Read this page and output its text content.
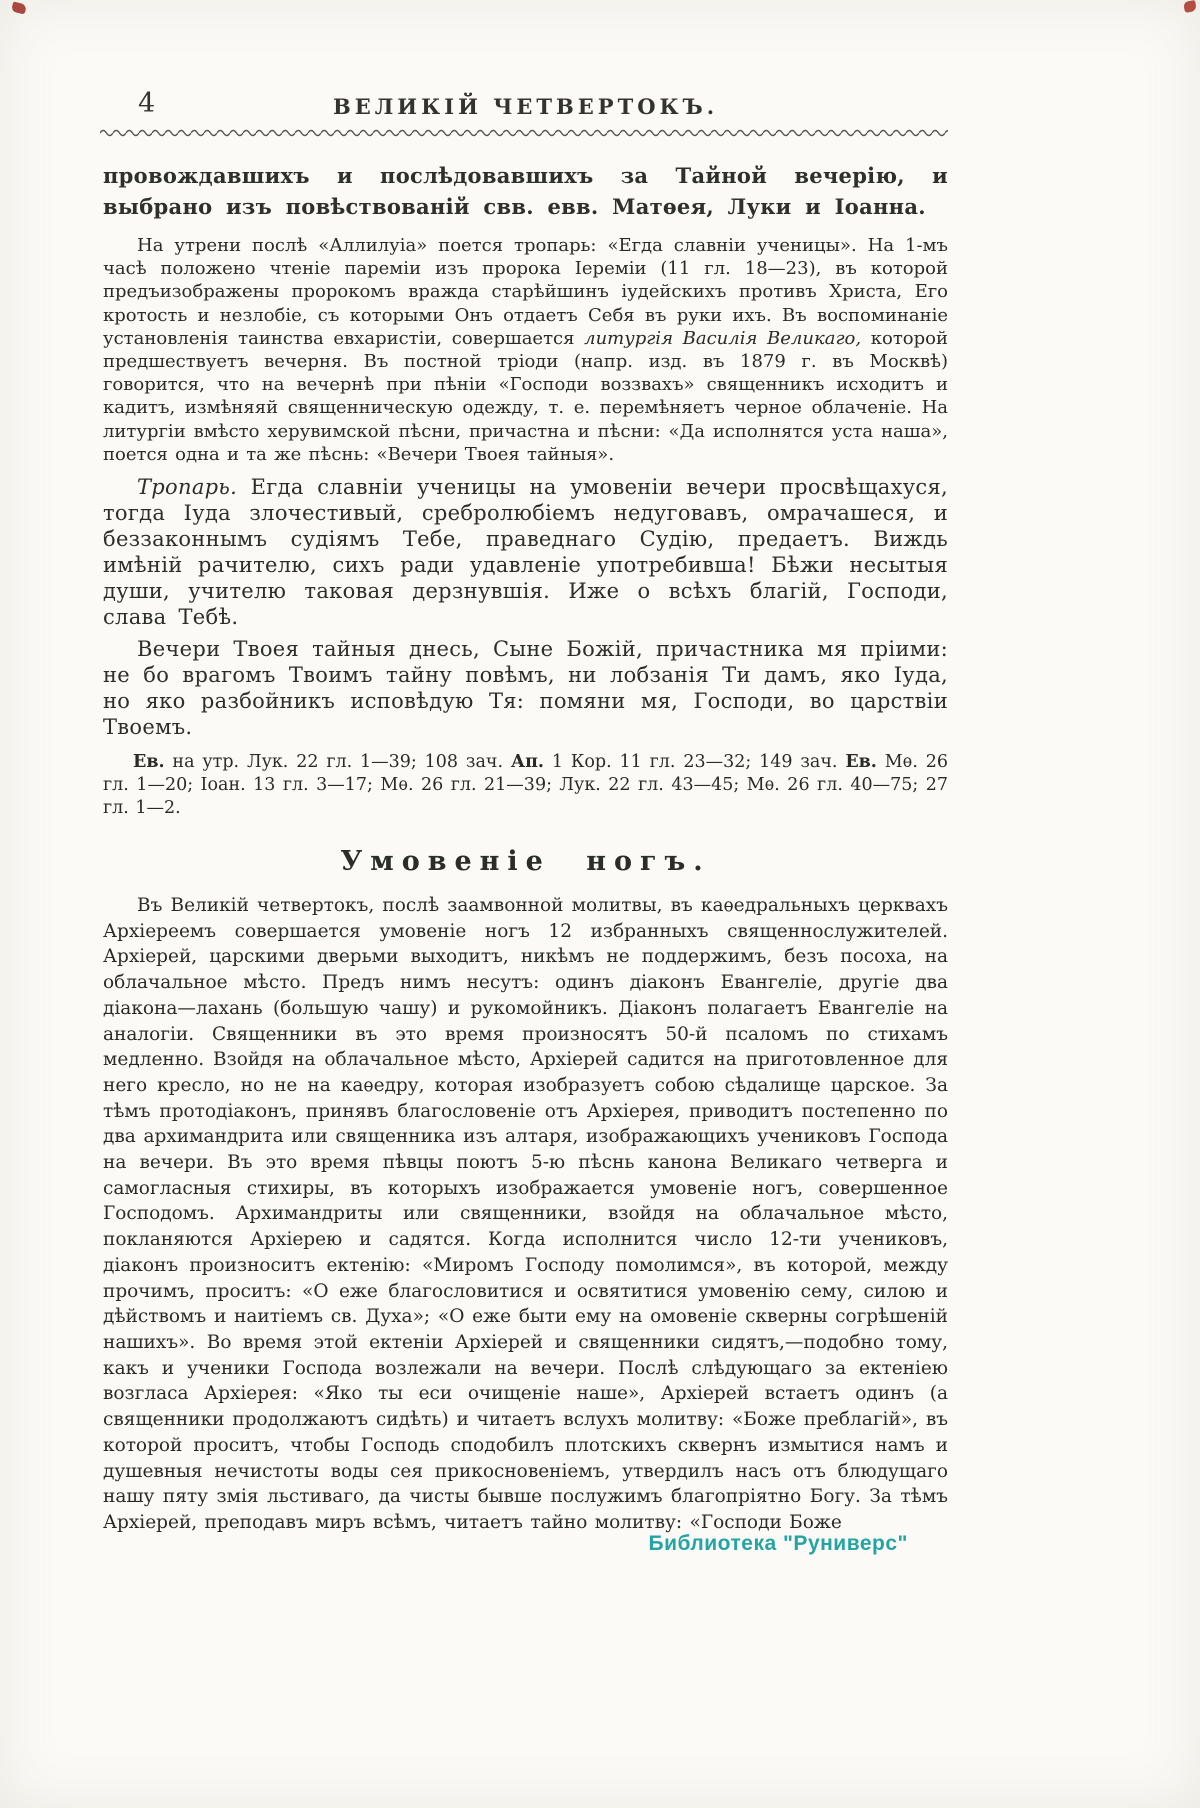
4	ВЕЛИКІЙ ЧЕТВЕРТОКЪ.

провождавшихъ и послѣдовавшихъ за Тайной вечерію, и выбрано изъ повѣствованій свв. евв. Матѳея, Луки и Іоанна.

На утрени послѣ «Аллилуіа» поется тропарь: «Егда славніи ученицы». На 1-мъ часѣ положено чтеніе пареміи изъ пророка Іереміи (11 гл. 18—23), въ которой предъизображены пророкомъ вражда старѣйшинъ іудейскихъ противъ Христа, Его кротость и незлобіе, съ которыми Онъ отдаетъ Себя въ руки ихъ. Въ воспоминаніе установленія таинства евхаристіи, совершается литургія Василія Великаго, которой предшествуетъ вечерня. Въ постной тріоди (напр. изд. въ 1879 г. въ Москвѣ) говорится, что на вечернѣ при пѣніи «Господи воззвахъ» священникъ исходитъ и кадитъ, измѣняяй священническую одежду, т. е. перемѣняетъ черное облаченіе. На литургіи вмѣсто херувимской пѣсни, причастна и пѣсни: «Да исполнятся уста наша», поется одна и та же пѣснь: «Вечери Твоея тайныя».

Тропарь. Егда славніи ученицы на умовеніи вечери просвѣщахуся, тогда Іуда злочестивый, сребролюбіемъ недуговавъ, омрачашеся, и беззаконнымъ судіямъ Тебе, праведнаго Судію, предаетъ. Виждь имѣній рачителю, сихъ ради удавленіе употребивша! Бѣжи несытыя души, учителю таковая дерзнувшія. Иже о всѣхъ благій, Господи, слава Тебѣ.

Вечери Твоея тайныя днесь, Сыне Божій, причастника мя пріими: не бо врагомъ Твоимъ тайну повѣмъ, ни лобзанія Ти дамъ, яко Іуда, но яко разбойникъ исповѣдую Тя: помяни мя, Господи, во царствіи Твоемъ.

Ев. на утр. Лук. 22 гл. 1—39; 108 зач. Ап. 1 Кор. 11 гл. 23—32; 149 зач. Ев. Мѳ. 26 гл. 1—20; Іоан. 13 гл. 3—17; Мѳ. 26 гл. 21—39; Лук. 22 гл. 43—45; Мѳ. 26 гл. 40—75; 27 гл. 1—2.

Умовеніе ногъ.

Въ Великій четвертокъ, послѣ заамвонной молитвы, въ каѳедральныхъ церквахъ Архіереемъ совершается умовеніе ногъ 12 избранныхъ священнослужителей. Архіерей, царскими дверьми выходитъ, никѣмъ не поддержимъ, безъ посоха, на облачальное мѣсто. Предъ нимъ несутъ: одинъ діаконъ Евангеліе, другіе два діакона—лахань (большую чашу) и рукомойникъ. Діаконъ полагаетъ Евангеліе на аналогіи. Священники въ это время произносятъ 50-й псаломъ по стихамъ медленно. Взойдя на облачальное мѣсто, Архіерей садится на приготовленное для него кресло, но не на каѳедру, которая изобразуетъ собою сѣдалище царское. За тѣмъ протодіаконъ, принявъ благословеніе отъ Архіерея, приводитъ постепенно по два архимандрита или священника изъ алтаря, изображающихъ учениковъ Господа на вечери. Въ это время пѣвцы поютъ 5-ю пѣснь канона Великаго четверга и самогласныя стихиры, въ которыхъ изображается умовеніе ногъ, совершенное Господомъ. Архимандриты или священники, взойдя на облачальное мѣсто, покланяются Архіерею и садятся. Когда исполнится число 12-ти учениковъ, діаконъ произноситъ ектенію: «Миромъ Господу помолимся», въ которой, между прочимъ, проситъ: «О еже благословитися и освятитися умовенію сему, силою и дѣйствомъ и наитіемъ св. Духа»; «О еже быти ему на омовеніе скверны согрѣшеній нашихъ». Во время этой ектеніи Архіерей и священники сидятъ,—подобно тому, какъ и ученики Господа возлежали на вечери. Послѣ слѣдующаго за ектеніею возгласа Архіерея: «Яко ты еси очищеніе наше», Архіерей встаетъ одинъ (а священники продолжаютъ сидѣть) и читаетъ вслухъ молитву: «Боже преблагій», въ которой проситъ, чтобы Господь сподобилъ плотскихъ сквернъ измытися намъ и душевныя нечистоты воды сея прикосновеніемъ, утвердилъ насъ отъ блюдущаго нашу пяту змія льстиваго, да чисты бывше послужимъ благопріятно Богу. За тѣмъ Архіерей, преподавъ миръ всѣмъ, читаетъ тайно молитву: «Господи Боже

Библиотека "Руниверс"
